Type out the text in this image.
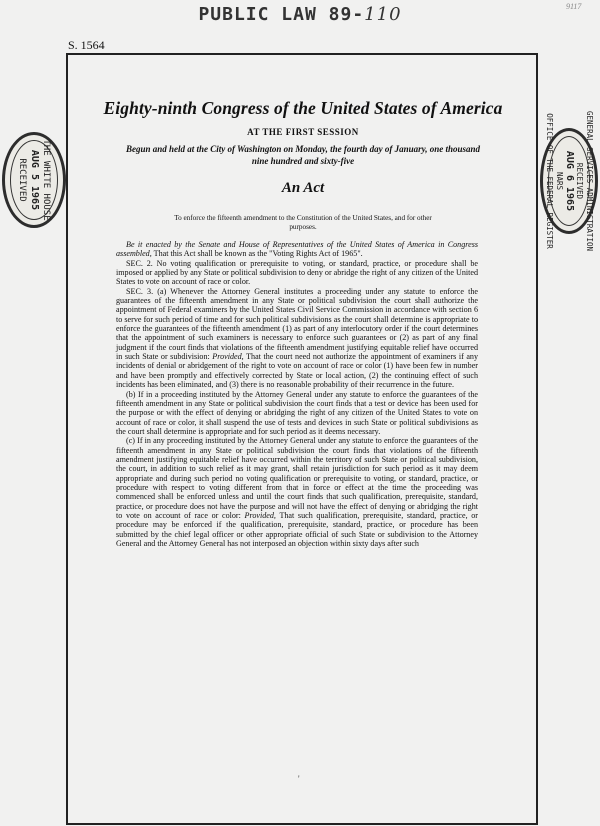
PUBLIC LAW 89-110	9117
S. 1564
Eighty-ninth Congress of the United States of America
AT THE FIRST SESSION
Begun and held at the City of Washington on Monday, the fourth day of January, one thousand nine hundred and sixty-five
An Act
To enforce the fifteenth amendment to the Constitution of the United States, and for other purposes.

Be it enacted by the Senate and House of Representatives of the United States of America in Congress assembled, That this Act shall be known as the "Voting Rights Act of 1965".

SEC. 2. No voting qualification or prerequisite to voting, or standard, practice, or procedure shall be imposed or applied by any State or political subdivision to deny or abridge the right of any citizen of the United States to vote on account of race or color.

SEC. 3. (a) Whenever the Attorney General institutes a proceeding under any statute to enforce the guarantees of the fifteenth amendment in any State or political subdivision the court shall authorize the appointment of Federal examiners by the United States Civil Service Commission in accordance with section 6 to serve for such period of time and for such political subdivisions as the court shall determine is appropriate to enforce the guarantees of the fifteenth amendment (1) as part of any interlocutory order if the court determines that the appointment of such examiners is necessary to enforce such guarantees or (2) as part of any final judgment if the court finds that violations of the fifteenth amendment justifying equitable relief have occurred in such State or subdivision: Provided, That the court need not authorize the appointment of examiners if any incidents of denial or abridgement of the right to vote on account of race or color (1) have been few in number and have been promptly and effectively corrected by State or local action, (2) the continuing effect of such incidents has been eliminated, and (3) there is no reasonable probability of their recurrence in the future.

(b) If in a proceeding instituted by the Attorney General under any statute to enforce the guarantees of the fifteenth amendment in any State or political subdivision the court finds that a test or device has been used for the purpose or with the effect of denying or abridging the right of any citizen of the United States to vote on account of race or color, it shall suspend the use of tests and devices in such State or political subdivisions as the court shall determine is appropriate and for such period as it deems necessary.

(c) If in any proceeding instituted by the Attorney General under any statute to enforce the guarantees of the fifteenth amendment in any State or political subdivision the court finds that violations of the fifteenth amendment justifying equitable relief have occurred within the territory of such State or political subdivision, the court, in addition to such relief as it may grant, shall retain jurisdiction for such period as it may deem appropriate and during such period no voting qualification or prerequisite to voting, or standard, practice, or procedure with respect to voting different from that in force or effect at the time the proceeding was commenced shall be enforced unless and until the court finds that such qualification, prerequisite, standard, practice, or procedure does not have the purpose and will not have the effect of denying or abridging the right to vote on account of race or color: Provided, That such qualification, prerequisite, standard, practice, or procedure may be enforced if the qualification, prerequisite, standard, practice, or procedure has been submitted by the chief legal officer or other appropriate official of such State or subdivision to the Attorney General and the Attorney General has not interposed an objection within sixty days after such

THE WHITE HOUSE
AUG 5 1965
RECEIVED	GENERAL SERVICES ADMINISTRATION
RECEIVED
AUG 6 1965
NARS
OFFICE OF THE FEDERAL REGISTER
'
